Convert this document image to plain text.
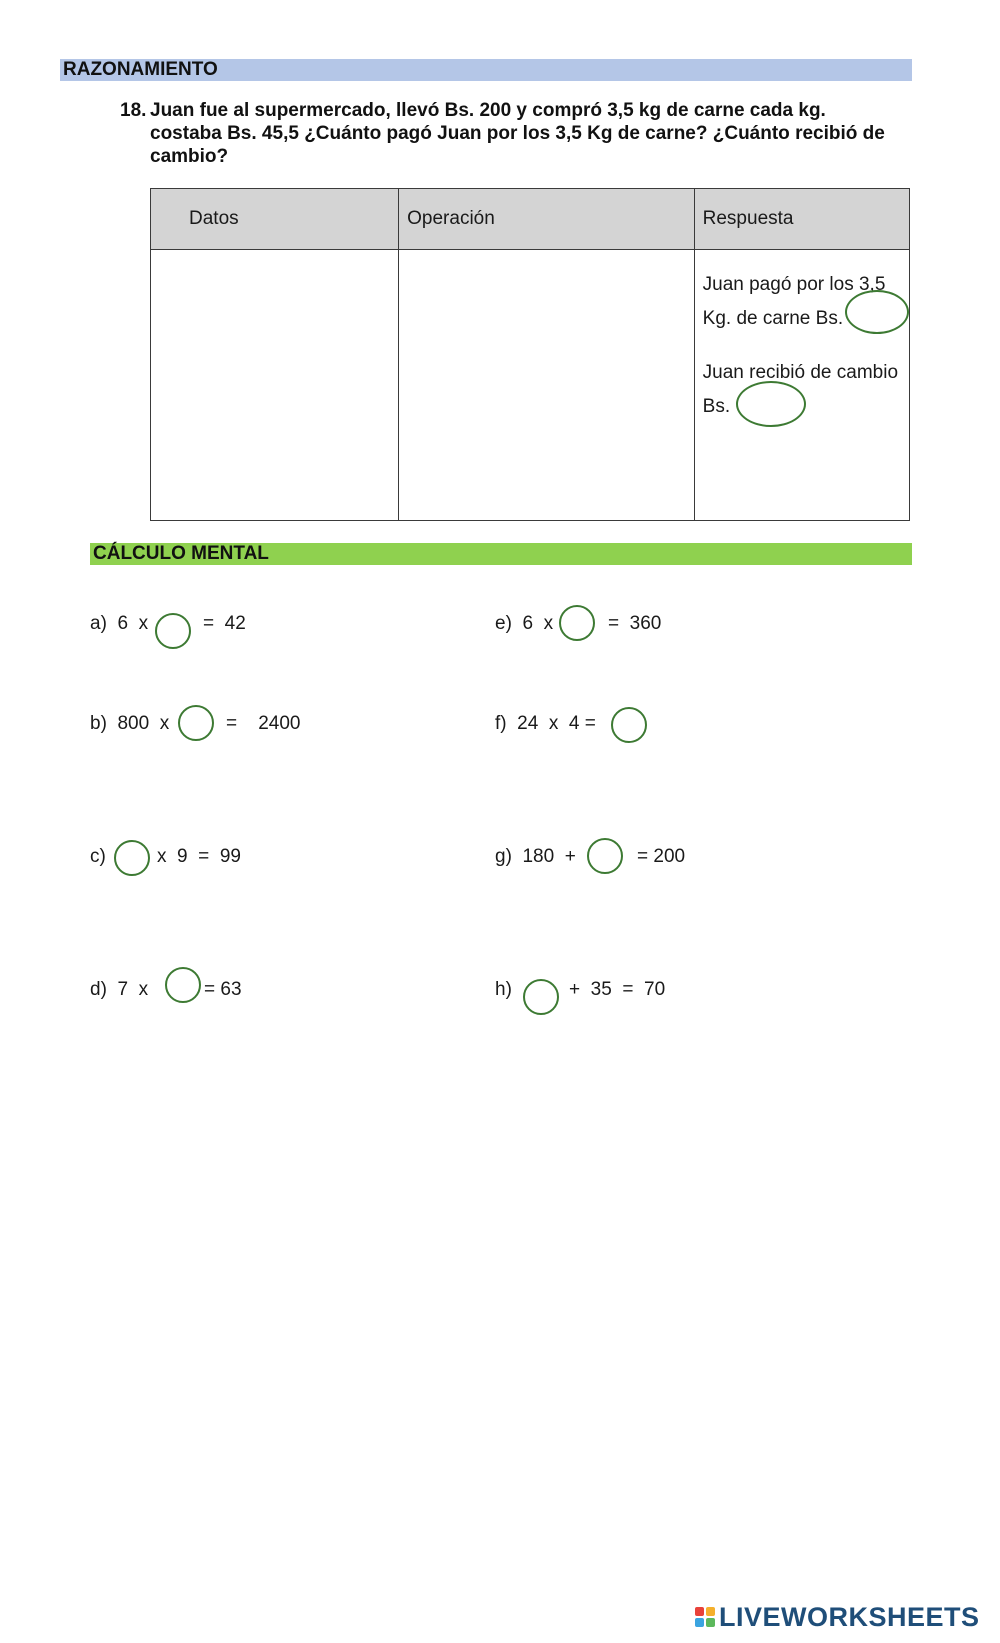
RAZONAMIENTO
18. Juan fue al supermercado, llevó Bs. 200 y compró 3,5 kg de carne cada kg.
costaba Bs. 45,5 ¿Cuánto pagó Juan por los 3,5 Kg de carne? ¿Cuánto recibió de
cambio?
Datos	Operación	Respuesta

		Juan pagó por los 3,5

Kg. de carne Bs.

Juan recibió de cambio

Bs.

CÁLCULO MENTAL
a)  6  x	=  42
b)  800  x	=    2400
c)	x  9  =  99
d)  7  x	= 63
e)  6  x	=  360
f)  24  x  4 =
g)  180  +	= 200
h)	+  35  =  70
LIVEWORKSHEETS
